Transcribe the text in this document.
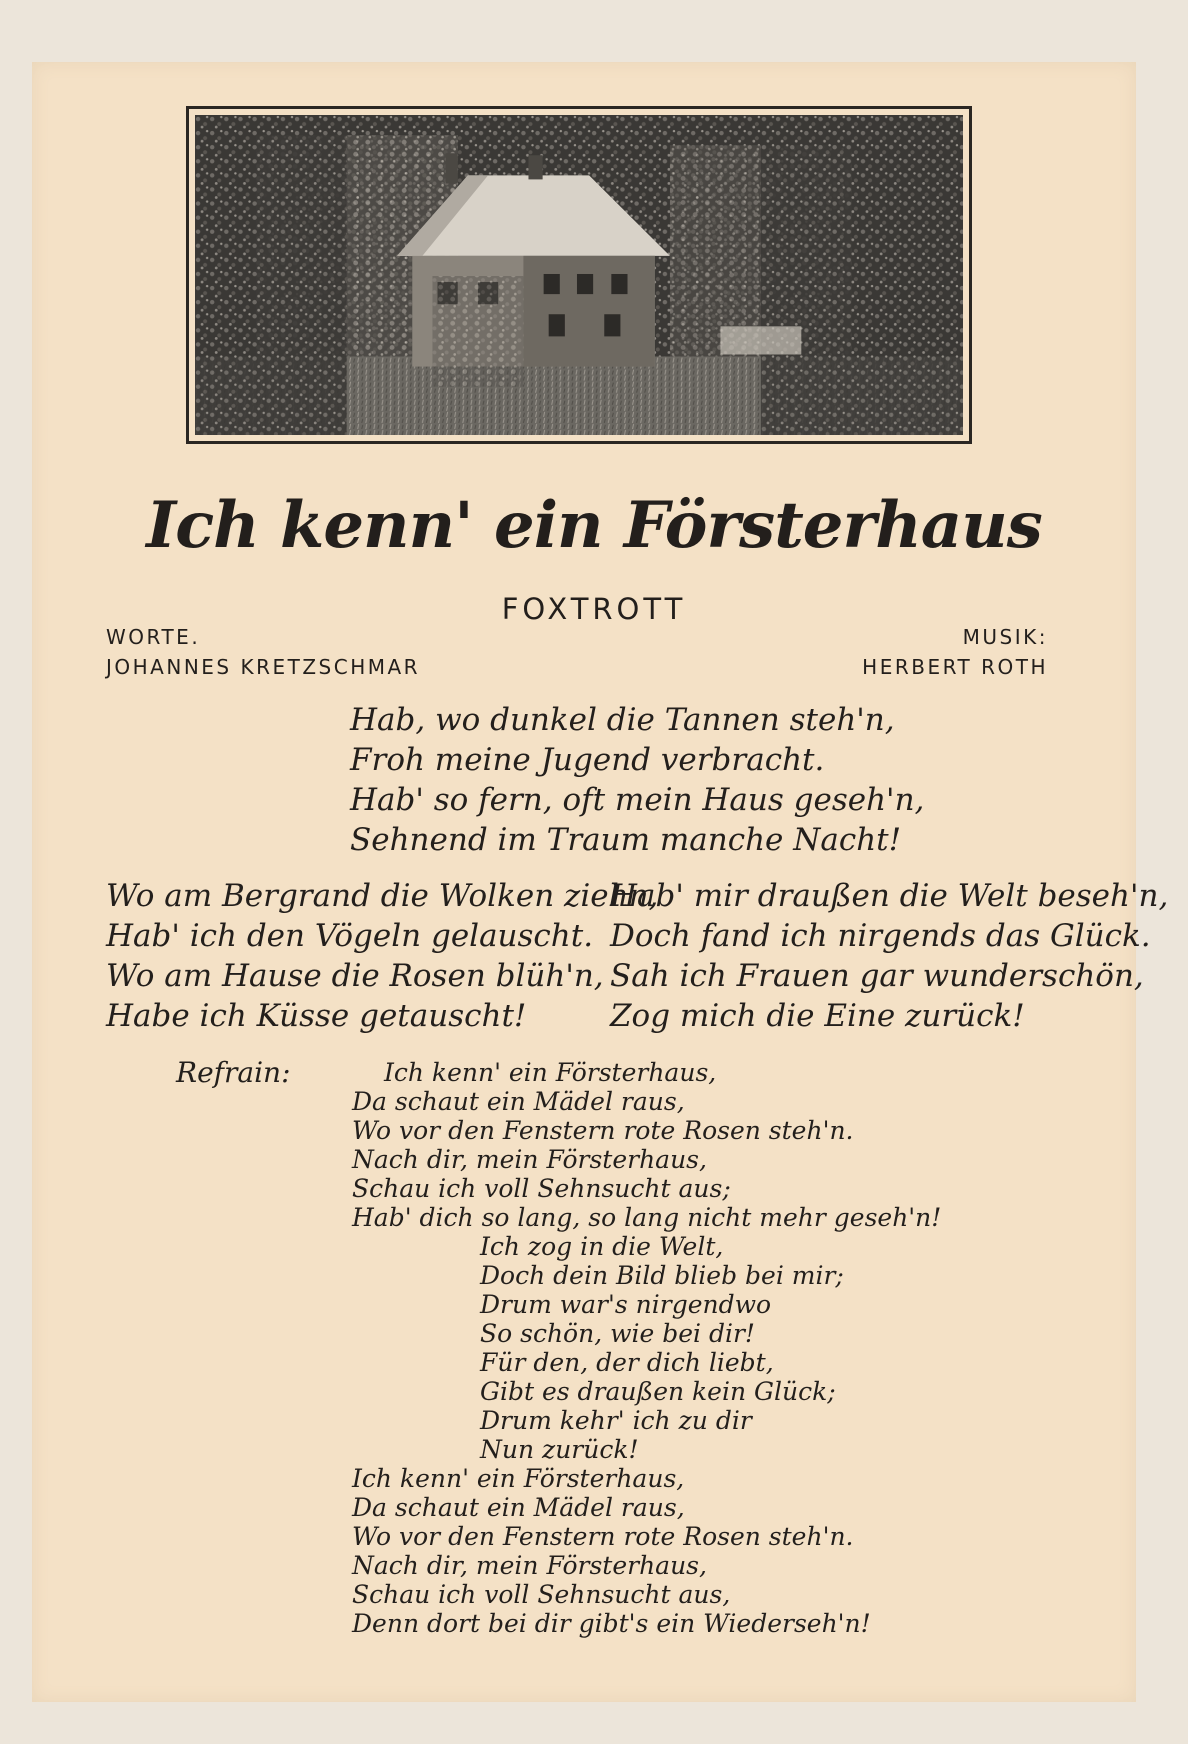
Ich kenn' ein Försterhaus
FOXTROTT
WORTE.
JOHANNES KRETZSCHMAR
MUSIK:
HERBERT ROTH
Hab, wo dunkel die Tannen steh'n,
Froh meine Jugend verbracht.
Hab' so fern, oft mein Haus geseh'n,
Sehnend im Traum manche Nacht!
Wo am Bergrand die Wolken ziehn,
Hab' ich den Vögeln gelauscht.
Wo am Hause die Rosen blüh'n,
Habe ich Küsse getauscht!
Hab' mir draußen die Welt beseh'n,
Doch fand ich nirgends das Glück.
Sah ich Frauen gar wunderschön,
Zog mich die Eine zurück!
Refrain:	Ich kenn' ein Försterhaus,
Da schaut ein Mädel raus,
Wo vor den Fenstern rote Rosen steh'n.
Nach dir, mein Försterhaus,
Schau ich voll Sehnsucht aus;
Hab' dich so lang, so lang nicht mehr geseh'n!
Ich zog in die Welt,
Doch dein Bild blieb bei mir;
Drum war's nirgendwo
So schön, wie bei dir!
Für den, der dich liebt,
Gibt es draußen kein Glück;
Drum kehr' ich zu dir
Nun zurück!
Ich kenn' ein Försterhaus,
Da schaut ein Mädel raus,
Wo vor den Fenstern rote Rosen steh'n.
Nach dir, mein Försterhaus,
Schau ich voll Sehnsucht aus,
Denn dort bei dir gibt's ein Wiederseh'n!
